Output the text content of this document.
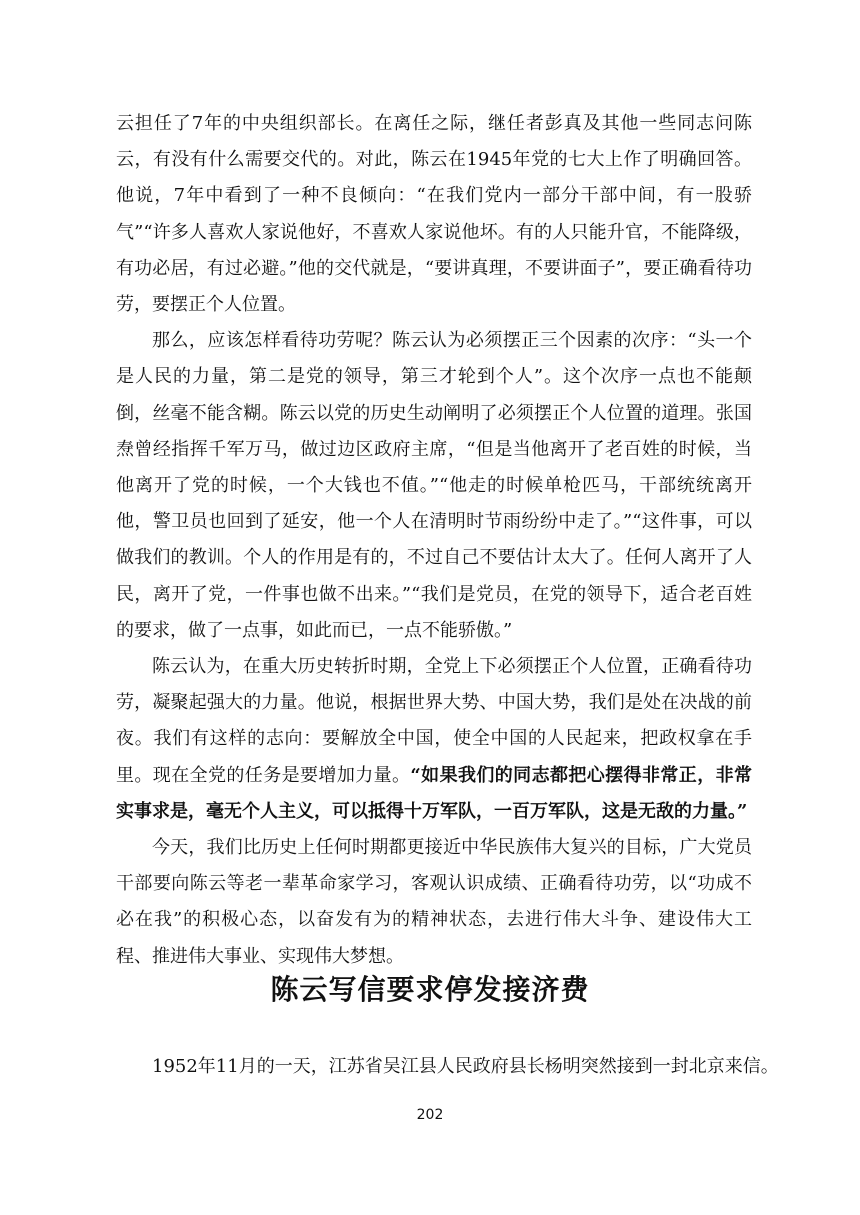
云担任了7年的中央组织部长。在离任之际，继任者彭真及其他一些同志问陈云，有没有什么需要交代的。对此，陈云在1945年党的七大上作了明确回答。他说，7年中看到了一种不良倾向：“在我们党内一部分干部中间，有一股骄气”“许多人喜欢人家说他好，不喜欢人家说他坏。有的人只能升官，不能降级，有功必居，有过必避。”他的交代就是，“要讲真理，不要讲面子”，要正确看待功劳，要摆正个人位置。

那么，应该怎样看待功劳呢？陈云认为必须摆正三个因素的次序：“头一个是人民的力量，第二是党的领导，第三才轮到个人”。这个次序一点也不能颠倒，丝毫不能含糊。陈云以党的历史生动阐明了必须摆正个人位置的道理。张国焘曾经指挥千军万马，做过边区政府主席，“但是当他离开了老百姓的时候，当他离开了党的时候，一个大钱也不值。”“他走的时候单枪匹马，干部统统离开他，警卫员也回到了延安，他一个人在清明时节雨纷纷中走了。”“这件事，可以做我们的教训。个人的作用是有的，不过自己不要估计太大了。任何人离开了人民，离开了党，一件事也做不出来。”“我们是党员，在党的领导下，适合老百姓的要求，做了一点事，如此而已，一点不能骄傲。”

陈云认为，在重大历史转折时期，全党上下必须摆正个人位置，正确看待功劳，凝聚起强大的力量。他说，根据世界大势、中国大势，我们是处在决战的前夜。我们有这样的志向：要解放全中国，使全中国的人民起来，把政权拿在手里。现在全党的任务是要增加力量。“如果我们的同志都把心摆得非常正，非常实事求是，毫无个人主义，可以抵得十万军队，一百万军队，这是无敌的力量。”

今天，我们比历史上任何时期都更接近中华民族伟大复兴的目标，广大党员干部要向陈云等老一辈革命家学习，客观认识成绩、正确看待功劳，以“功成不必在我”的积极心态，以奋发有为的精神状态，去进行伟大斗争、建设伟大工程、推进伟大事业、实现伟大梦想。

陈云写信要求停发接济费
1952年11月的一天，江苏省吴江县人民政府县长杨明突然接到一封北京来信。
202
